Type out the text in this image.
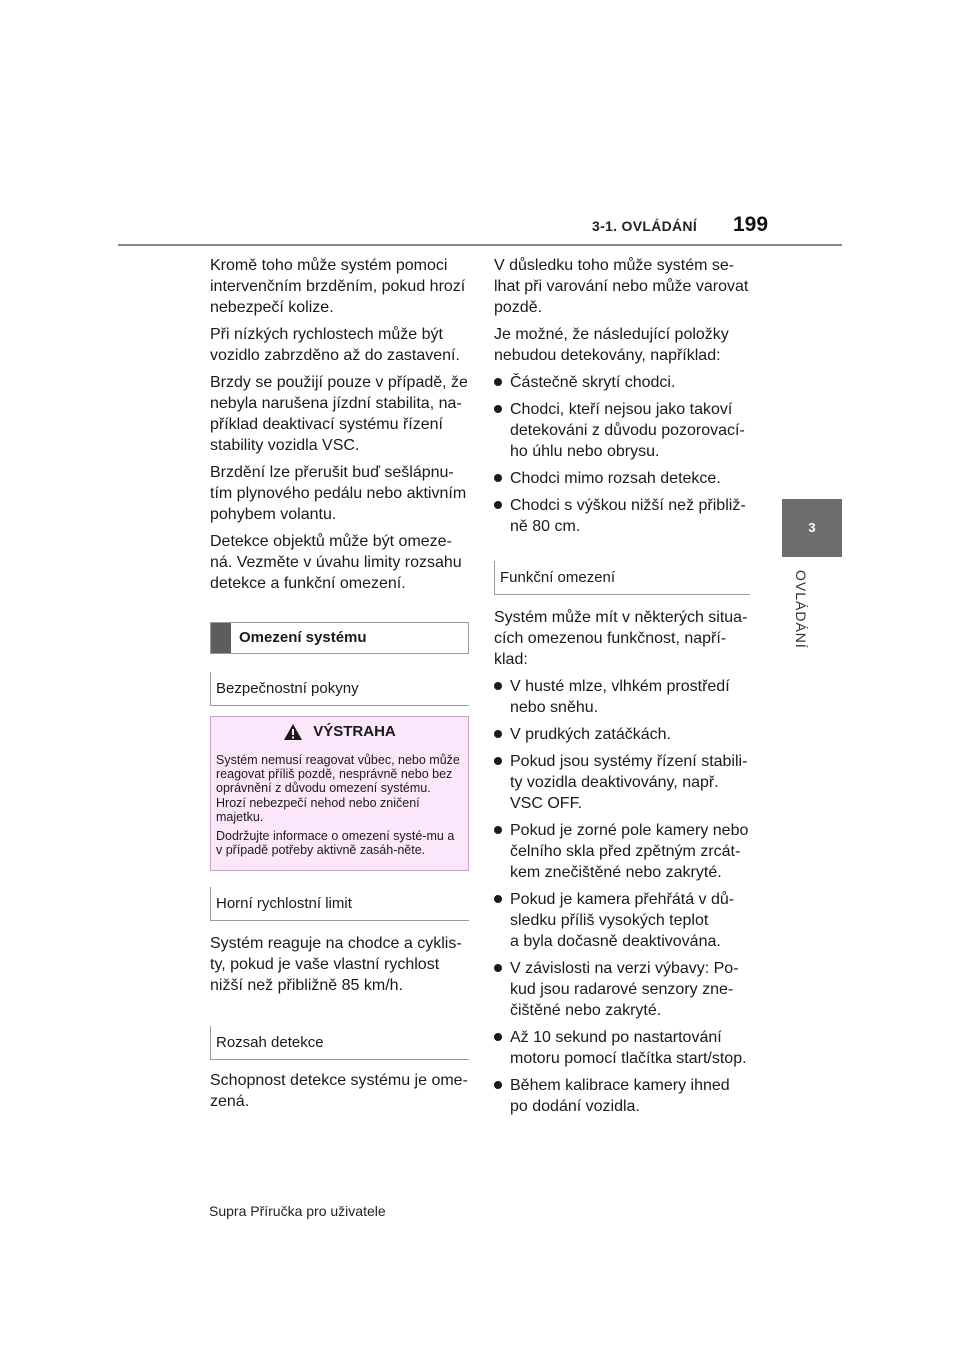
3-1. OVLÁDÁNÍ 199
3
OVLÁDÁNÍ

Kromě toho může systém pomoci
intervenčním brzděním, pokud hrozí
nebezpečí kolize.

Při nízkých rychlostech může být
vozidlo zabrzděno až do zastavení.

Brzdy se použijí pouze v případě, že
nebyla narušena jízdní stabilita, na-
příklad deaktivací systému řízení
stability vozidla VSC.

Brzdění lze přerušit buď sešlápnu-
tím plynového pedálu nebo aktivním
pohybem volantu.

Detekce objektů může být omeze-
ná. Vezměte v úvahu limity rozsahu
detekce a funkční omezení.

Omezení systému
Bezpečnostní pokyny
VÝSTRAHA

Systém nemusí reagovat vůbec, nebo může reagovat příliš pozdě, nesprávně nebo bez oprávnění z důvodu omezení systému. Hrozí nebezpečí nehod nebo zničení majetku.

Dodržujte informace o omezení systé-mu a v případě potřeby aktivně zasáh-něte.

Horní rychlostní limit

Systém reaguje na chodce a cyklis-
ty, pokud je vaše vlastní rychlost
nižší než přibližně 85 km/h.

Rozsah detekce

Schopnost detekce systému je ome-
zená.

V důsledku toho může systém se-
lhat při varování nebo může varovat
pozdě.

Je možné, že následující položky
nebudou detekovány, například:

Částečně skrytí chodci.
Chodci, kteří nejsou jako takoví
detekováni z důvodu pozorovací-
ho úhlu nebo obrysu.
Chodci mimo rozsah detekce.
Chodci s výškou nižší než přibliž-
ně 80 cm.
Funkční omezení

Systém může mít v některých situa-
cích omezenou funkčnost, napří-
klad:

V husté mlze, vlhkém prostředí
nebo sněhu.
V prudkých zatáčkách.
Pokud jsou systémy řízení stabili-
ty vozidla deaktivovány, např.
VSC OFF.
Pokud je zorné pole kamery nebo
čelního skla před zpětným zrcát-
kem znečištěné nebo zakryté.
Pokud je kamera přehřátá v dů-
sledku příliš vysokých teplot
a byla dočasně deaktivována.
V závislosti na verzi výbavy: Po-
kud jsou radarové senzory zne-
čištěné nebo zakryté.
Až 10 sekund po nastartování
motoru pomocí tlačítka start/stop.
Během kalibrace kamery ihned
po dodání vozidla.
Supra Příručka pro uživatele
